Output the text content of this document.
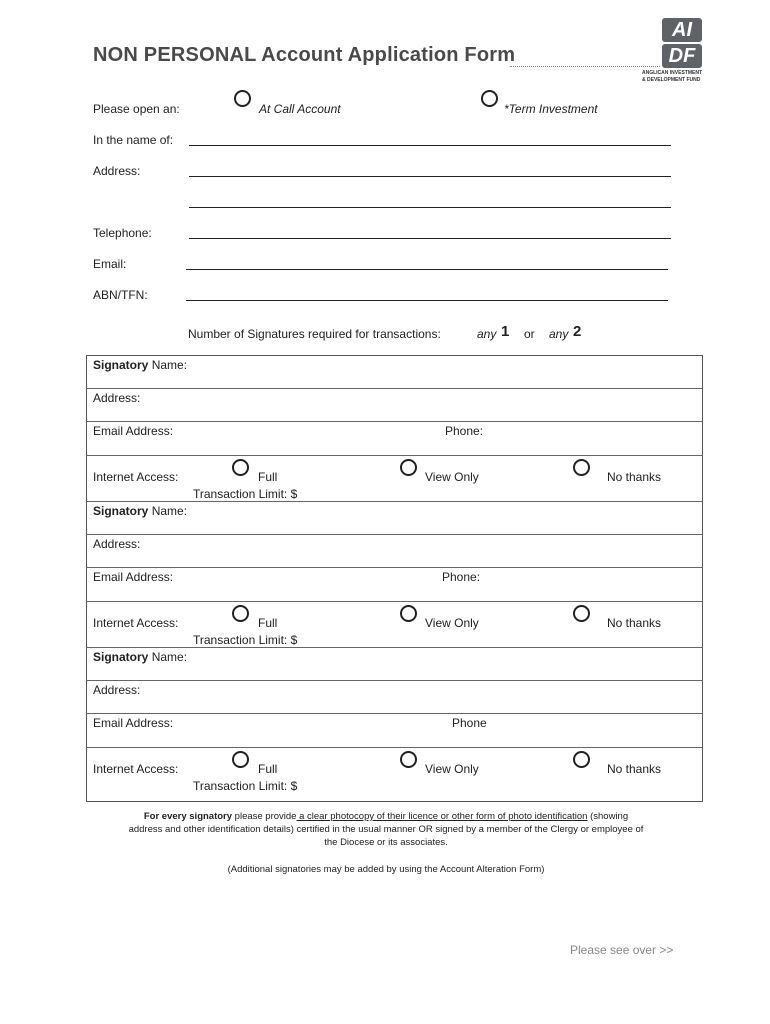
NON PERSONAL Account Application Form
AI
DF
ANGLICAN INVESTMENT
& DEVELOPMENT FUND
Please open an:	At Call Account	*Term Investment
In the name of:
Address:
Telephone:
Email:
ABN/TFN:
Number of Signatures required for transactions:	any 1 or any 2
Signatory Name:
Address:
Email Address:	Phone:
Internet Access:	Full	View Only	No thanks
Transaction Limit: $
Signatory Name:
Address:
Email Address:	Phone:
Internet Access:	Full	View Only	No thanks
Transaction Limit: $
Signatory Name:
Address:
Email Address:	Phone
Internet Access:	Full	View Only	No thanks
Transaction Limit: $
For every signatory please provide a clear photocopy of their licence or other form of photo identification (showing
address and other identification details) certified in the usual manner OR signed by a member of the Clergy or employee of
the Diocese or its associates.
(Additional signatories may be added by using the Account Alteration Form)
Please see over >>
